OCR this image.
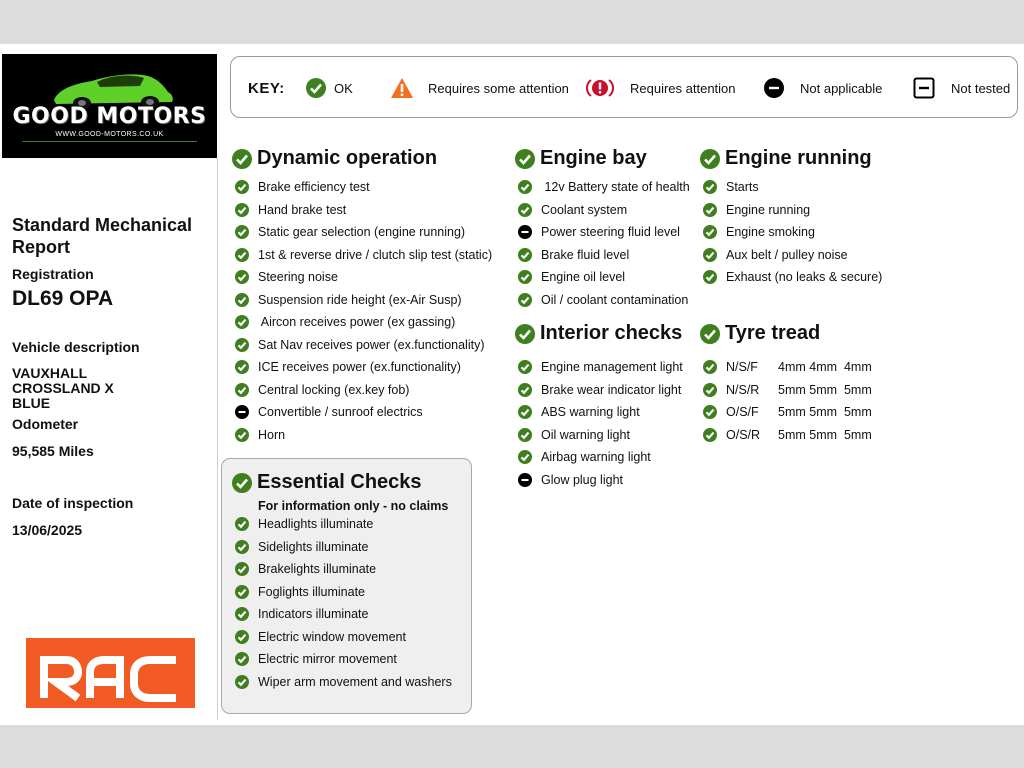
GOOD MOTORS
WWW.GOOD-MOTORS.CO.UK
Standard Mechanical Report
Registration
DL69 OPA
Vehicle description
VAUXHALL
CROSSLAND X
BLUE
Odometer
95,585 Miles
Date of inspection
13/06/2025
KEY:	OK	Requires some attention	Requires attention	Not applicable	Not tested
For information only - no claims
Dynamic operation	Engine bay	Engine running
Interior checks Tyre tread
Essential Checks
Brake efficiency test
Hand brake test
Static gear selection (engine running)
1st & reverse drive / clutch slip test (static)
Steering noise
Suspension ride height (ex-Air Susp)
Aircon receives power (ex gassing)
Sat Nav receives power (ex.functionality)
ICE receives power (ex.functionality)
Central locking (ex.key fob)
Convertible / sunroof electrics
Horn
12v Battery state of health
Coolant system
Power steering fluid level
Brake fluid level
Engine oil level
Oil / coolant contamination
Starts
Engine running
Engine smoking
Aux belt / pulley noise
Exhaust (no leaks & secure)
Engine management light
Brake wear indicator light
ABS warning light
Oil warning light
Airbag warning light
Glow plug light
N/S/F	4mm 4mm  4mm
N/S/R	5mm 5mm  5mm
O/S/F	5mm 5mm  5mm
O/S/R	5mm 5mm  5mm
Headlights illuminate
Sidelights illuminate
Brakelights illuminate
Foglights illuminate
Indicators illuminate
Electric window movement
Electric mirror movement
Wiper arm movement and washers
